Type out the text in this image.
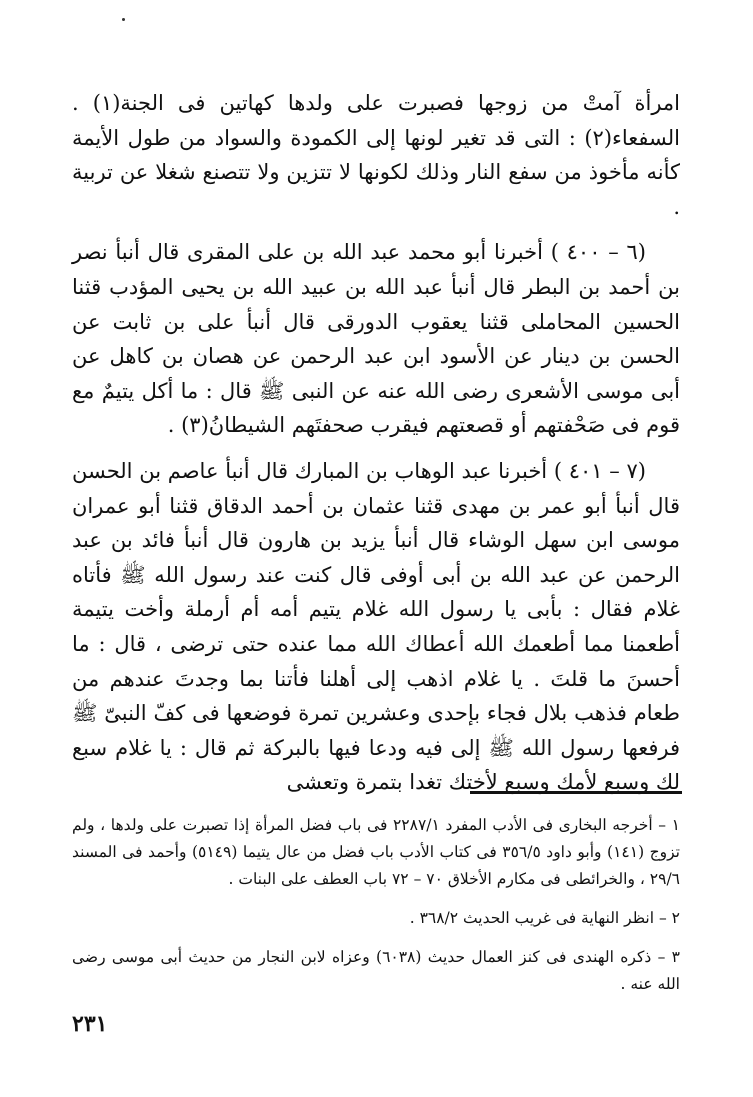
امرأة آمتْ من زوجها فصبرت على ولدها كهاتين فى الجنة(١) . السفعاء(٢) : التى قد تغير لونها إلى الكمودة والسواد من طول الأيمة كأنه مأخوذ من سفع النار وذلك لكونها لا تتزين ولا تتصنع شغلا عن تربية .

(٦ – ٤٠٠ ) أخبرنا أبو محمد عبد الله بن على المقرى قال أنبأ نصر بن أحمد بن البطر قال أنبأ عبد الله بن عبيد الله بن يحيى المؤدب قثنا الحسين المحاملى قثنا يعقوب الدورقى قال أنبأ على بن ثابت عن الحسن بن دينار عن الأسود ابن عبد الرحمن عن هصان بن كاهل عن أبى موسى الأشعرى رضى الله عنه عن النبى ﷺ قال : ما أكل يتيمٌ مع قوم فى صَحْفتهم أو قصعتهم فيقرب صحفتَهم الشيطانُ(٣) .

(٧ – ٤٠١ ) أخبرنا عبد الوهاب بن المبارك قال أنبأ عاصم بن الحسن قال أنبأ أبو عمر بن مهدى قثنا عثمان بن أحمد الدقاق قثنا أبو عمران موسى ابن سهل الوشاء قال أنبأ يزيد بن هارون قال أنبأ فائد بن عبد الرحمن عن عبد الله بن أبى أوفى قال كنت عند رسول الله ﷺ فأتاه غلام فقال : بأبى يا رسول الله غلام يتيم أمه أم أرملة وأخت يتيمة أطعمنا مما أطعمك الله أعطاك الله مما عنده حتى ترضى ، قال : ما أحسنَ ما قلتَ . يا غلام اذهب إلى أهلنا فأتنا بما وجدتَ عندهم من طعام فذهب بلال فجاء بإحدى وعشرين تمرة فوضعها فى كفّ النبىّ ﷺ فرفعها رسول الله ﷺ إلى فيه ودعا فيها بالبركة ثم قال : يا غلام سبع لك وسبع لأمك وسبع لأختك تغدا بتمرة وتعشى

١ – أخرجه البخارى فى الأدب المفرد ٢٢٨٧/١ فى باب فضل المرأة إذا تصبرت على ولدها ، ولم تزوج (١٤١) وأبو داود ٣٥٦/٥ فى كتاب الأدب باب فضل من عال يتيما (٥١٤٩) وأحمد فى المسند ٢٩/٦ ، والخرائطى فى مكارم الأخلاق ٧٠ – ٧٢ باب العطف على البنات .

٢ – انظر النهاية فى غريب الحديث ٣٦٨/٢ .

٣ – ذكره الهندى فى كنز العمال حديث (٦٠٣٨) وعزاه لابن النجار من حديث أبى موسى رضى الله عنه .

٢٣١
